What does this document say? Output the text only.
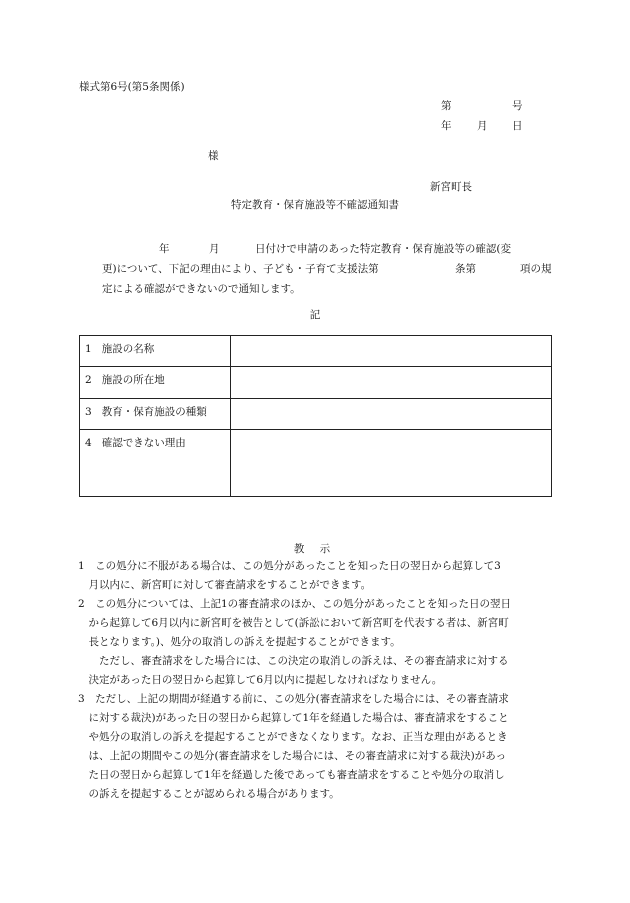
様式第6号(第5条関係)
第	号
年 月 日
様
新宮町長
特定教育・保育施設等不確認通知書
年	月	日付けで申請のあった特定教育・保育施設等の確認(変
更)について、下記の理由により、子ども・子育て支援法第	条第	項の規
定による確認ができないので通知します。
記
1 施設の名称	
2 施設の所在地	
3 教育・保育施設の種類	
4 確認できない理由	
教 示
1　この処分に不服がある場合は、この処分があったことを知った日の翌日から起算して3
　月以内に、新宮町に対して審査請求をすることができます。
2　この処分については、上記1の審査請求のほか、この処分があったことを知った日の翌日
　から起算して6月以内に新宮町を被告として(訴訟において新宮町を代表する者は、新宮町
　長となります。)、処分の取消しの訴えを提起することができます。
　　ただし、審査請求をした場合には、この決定の取消しの訴えは、その審査請求に対する
　決定があった日の翌日から起算して6月以内に提起しなければなりません。
3　ただし、上記の期間が経過する前に、この処分(審査請求をした場合には、その審査請求
　に対する裁決)があった日の翌日から起算して1年を経過した場合は、審査請求をすること
　や処分の取消しの訴えを提起することができなくなります。なお、正当な理由があるとき
　は、上記の期間やこの処分(審査請求をした場合には、その審査請求に対する裁決)があっ
　た日の翌日から起算して1年を経過した後であっても審査請求をすることや処分の取消し
　の訴えを提起することが認められる場合があります。
